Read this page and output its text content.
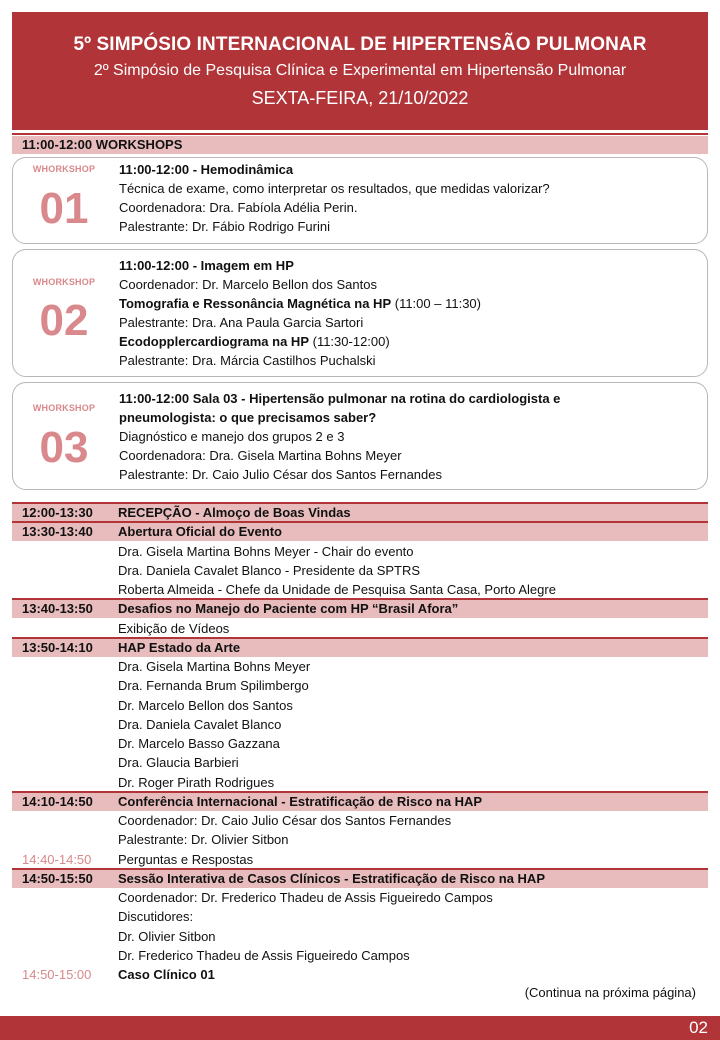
5º SIMPÓSIO INTERNACIONAL DE HIPERTENSÃO PULMONAR
2º Simpósio de Pesquisa Clínica e Experimental em Hipertensão Pulmonar
SEXTA-FEIRA, 21/10/2022
11:00-12:00 WORKSHOPS
WHORKSHOP
01
11:00-12:00 - Hemodinâmica
Técnica de exame, como interpretar os resultados, que medidas valorizar?
Coordenadora: Dra. Fabíola Adélia Perin.
Palestrante: Dr. Fábio Rodrigo Furini
WHORKSHOP
02
11:00-12:00 - Imagem em HP
Coordenador: Dr. Marcelo Bellon dos Santos
Tomografia e Ressonância Magnética na HP (11:00 – 11:30)
Palestrante: Dra. Ana Paula Garcia Sartori
Ecodopplercardiograma na HP (11:30-12:00)
Palestrante: Dra. Márcia Castilhos Puchalski
WHORKSHOP
03
11:00-12:00 Sala 03 - Hipertensão pulmonar na rotina do cardiologista e
pneumologista: o que precisamos saber?
Diagnóstico e manejo dos grupos 2 e 3
Coordenadora: Dra. Gisela Martina Bohns Meyer
Palestrante: Dr. Caio Julio César dos Santos Fernandes
12:00-13:30 RECEPÇÃO - Almoço de Boas Vindas
13:30-13:40 Abertura Oficial do Evento
Dra. Gisela Martina Bohns Meyer - Chair do evento
Dra. Daniela Cavalet Blanco - Presidente da SPTRS
Roberta Almeida - Chefe da Unidade de Pesquisa Santa Casa, Porto Alegre
13:40-13:50 Desafios no Manejo do Paciente com HP “Brasil Afora”
Exibição de Vídeos
13:50-14:10 HAP Estado da Arte
Dra. Gisela Martina Bohns Meyer
Dra. Fernanda Brum Spilimbergo
Dr. Marcelo Bellon dos Santos
Dra. Daniela Cavalet Blanco
Dr. Marcelo Basso Gazzana
Dra. Glaucia Barbieri
Dr. Roger Pirath Rodrigues
14:10-14:50 Conferência Internacional - Estratificação de Risco na HAP
Coordenador: Dr. Caio Julio César dos Santos Fernandes
Palestrante: Dr. Olivier Sitbon
14:40-14:50 Perguntas e Respostas
14:50-15:50 Sessão Interativa de Casos Clínicos - Estratificação de Risco na HAP
Coordenador: Dr. Frederico Thadeu de Assis Figueiredo Campos
Discutidores:
Dr. Olivier Sitbon
Dr. Frederico Thadeu de Assis Figueiredo Campos
14:50-15:00 Caso Clínico 01
(Continua na próxima página)
02
